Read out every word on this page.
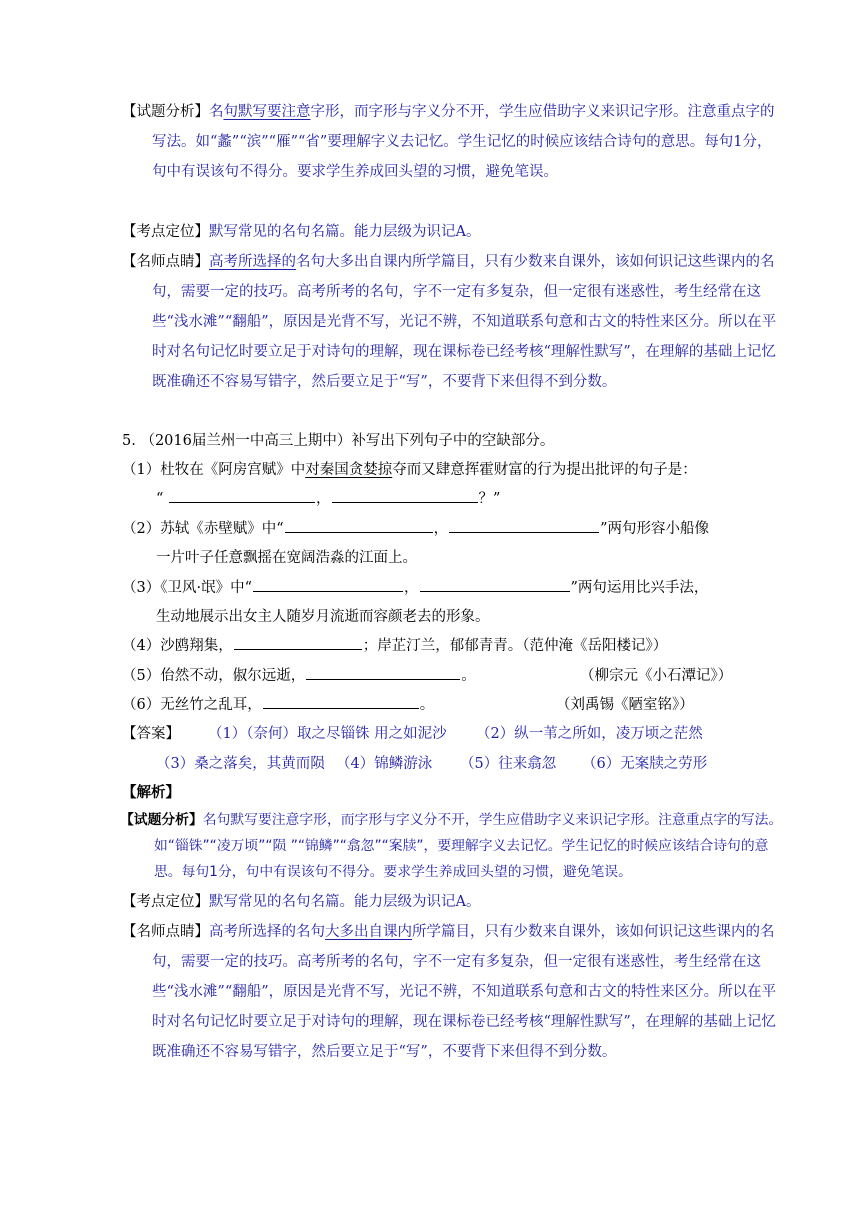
【试题分析】名句默写要注意字形，而字形与字义分不开，学生应借助字义来识记字形。注意重点字的写法。如“蠡”“滨”“雁”“省”要理解字义去记忆。学生记忆的时候应该结合诗句的意思。每句1分，句中有误该句不得分。要求学生养成回头望的习惯，避免笔误。
【考点定位】默写常见的名句名篇。能力层级为识记A。
【名师点睛】高考所选择的名句大多出自课内所学篇目，只有少数来自课外，该如何识记这些课内的名句，需要一定的技巧。高考所考的名句，字不一定有多复杂，但一定很有迷惑性，考生经常在这些“浅水滩”“翻船”，原因是光背不写，光记不辨，不知道联系句意和古文的特性来区分。所以在平时对名句记忆时要立足于对诗句的理解，现在课标卷已经考核“理解性默写”，在理解的基础上记忆既准确还不容易写错字，然后要立足于“写”，不要背下来但得不到分数。
5. （2016届兰州一中高三上期中）补写出下列句子中的空缺部分。
（1）杜牧在《阿房宫赋》中对秦国贪婪掠夺而又肆意挥霍财富的行为提出批评的句子是：
“	，	？”
（2）苏轼《赤壁赋》中“	，	”两句形容小船像
一片叶子任意飘摇在宽阔浩淼的江面上。
（3）《卫风·氓》中“	，	”两句运用比兴手法，
生动地展示出女主人随岁月流逝而容颜老去的形象。
（4）沙鸥翔集，	；岸芷汀兰，郁郁青青。（范仲淹《岳阳楼记》）
（5）佁然不动，俶尔远逝，	。	（柳宗元《小石潭记》）
（6）无丝竹之乱耳，	。	（刘禹锡《陋室铭》）
【答案】 （1）（奈何）取之尽锱铢 用之如泥沙 （2）纵一苇之所如，凌万顷之茫然
（3）桑之落矣，其黄而陨 （4）锦鳞游泳 （5）往来翕忽 （6）无案牍之劳形
【解析】
【试题分析】名句默写要注意字形，而字形与字义分不开，学生应借助字义来识记字形。注意重点字的写法。如“锱铢”“凌万顷”“陨 ”“锦鳞”“翕忽”“案牍”，要理解字义去记忆。学生记忆的时候应该结合诗句的意思。每句1分，句中有误该句不得分。要求学生养成回头望的习惯，避免笔误。
【考点定位】默写常见的名句名篇。能力层级为识记A。
【名师点睛】高考所选择的名句大多出自课内所学篇目，只有少数来自课外，该如何识记这些课内的名句，需要一定的技巧。高考所考的名句，字不一定有多复杂，但一定很有迷惑性，考生经常在这些“浅水滩”“翻船”，原因是光背不写，光记不辨，不知道联系句意和古文的特性来区分。所以在平时对名句记忆时要立足于对诗句的理解，现在课标卷已经考核“理解性默写”，在理解的基础上记忆既准确还不容易写错字，然后要立足于“写”，不要背下来但得不到分数。
